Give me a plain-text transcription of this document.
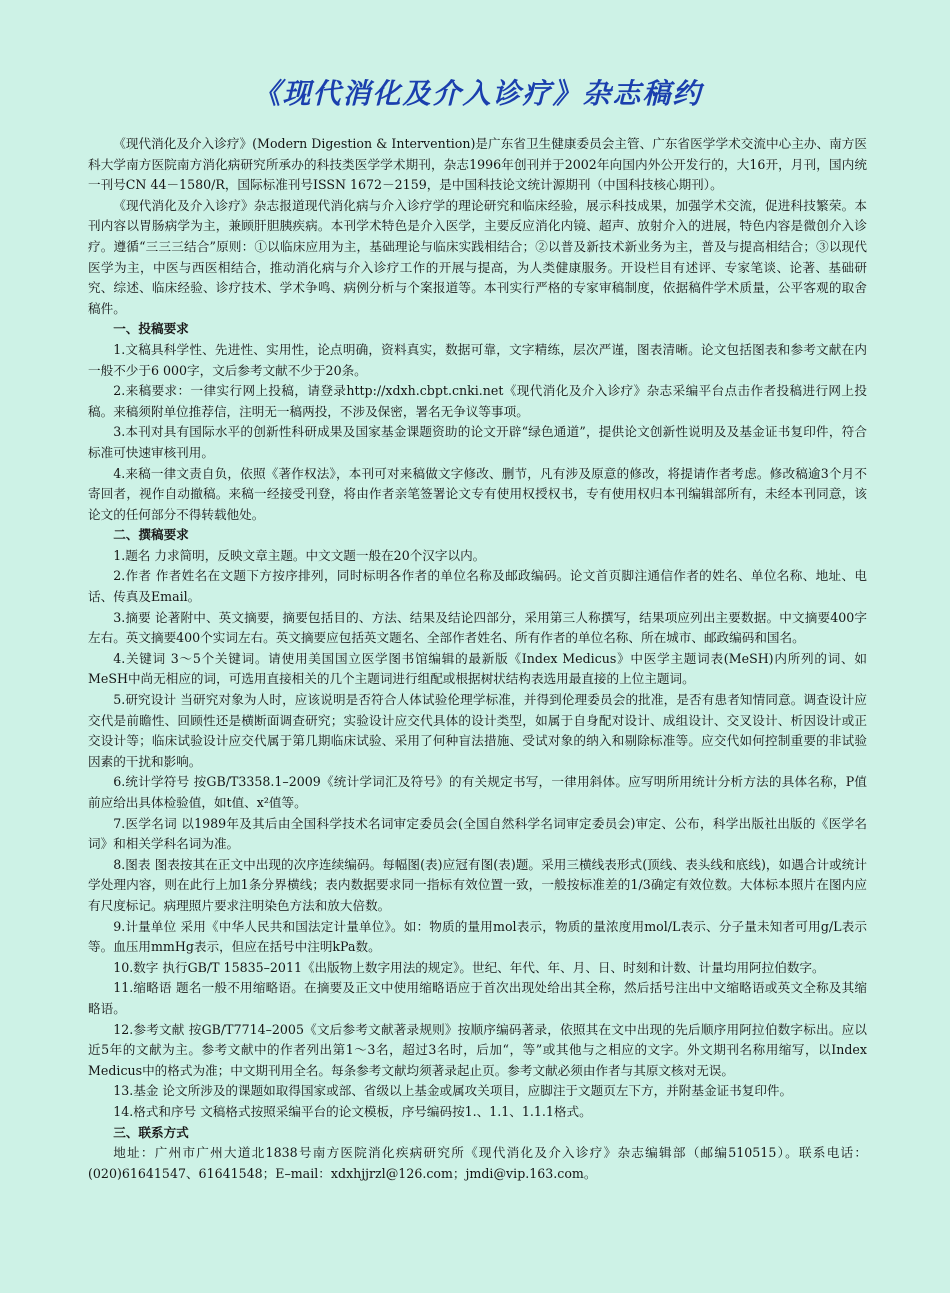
《现代消化及介入诊疗》杂志稿约

《现代消化及介入诊疗》(Modern Digestion & Intervention)是广东省卫生健康委员会主管、广东省医学学术交流中心主办、南方医科大学南方医院南方消化病研究所承办的科技类医学学术期刊，杂志1996年创刊并于2002年向国内外公开发行的，大16开，月刊，国内统一刊号CN 44－1580/R，国际标准刊号ISSN 1672－2159，是中国科技论文统计源期刊（中国科技核心期刊）。

《现代消化及介入诊疗》杂志报道现代消化病与介入诊疗学的理论研究和临床经验，展示科技成果，加强学术交流，促进科技繁荣。本刊内容以胃肠病学为主，兼顾肝胆胰疾病。本刊学术特色是介入医学，主要反应消化内镜、超声、放射介入的进展，特色内容是微创介入诊疗。遵循“三三三结合”原则：①以临床应用为主，基础理论与临床实践相结合；②以普及新技术新业务为主，普及与提高相结合；③以现代医学为主，中医与西医相结合，推动消化病与介入诊疗工作的开展与提高，为人类健康服务。开设栏目有述评、专家笔谈、论著、基础研究、综述、临床经验、诊疗技术、学术争鸣、病例分析与个案报道等。本刊实行严格的专家审稿制度，依据稿件学术质量，公平客观的取舍稿件。

一、投稿要求

1.文稿具科学性、先进性、实用性，论点明确，资料真实，数据可靠，文字精练，层次严谨，图表清晰。论文包括图表和参考文献在内一般不少于6 000字，文后参考文献不少于20条。

2.来稿要求：一律实行网上投稿，请登录http://xdxh.cbpt.cnki.net《现代消化及介入诊疗》杂志采编平台点击作者投稿进行网上投稿。来稿须附单位推荐信，注明无一稿两投，不涉及保密，署名无争议等事项。

3.本刊对具有国际水平的创新性科研成果及国家基金课题资助的论文开辟“绿色通道”，提供论文创新性说明及及基金证书复印件，符合标准可快速审核刊用。

4.来稿一律文责自负，依照《著作权法》，本刊可对来稿做文字修改、删节，凡有涉及原意的修改，将提请作者考虑。修改稿逾3个月不寄回者，视作自动撤稿。来稿一经接受刊登，将由作者亲笔签署论文专有使用权授权书，专有使用权归本刊编辑部所有，未经本刊同意，该论文的任何部分不得转载他处。

二、撰稿要求

1.题名 力求简明，反映文章主题。中文文题一般在20个汉字以内。

2.作者 作者姓名在文题下方按序排列，同时标明各作者的单位名称及邮政编码。论文首页脚注通信作者的姓名、单位名称、地址、电话、传真及Email。

3.摘要 论著附中、英文摘要，摘要包括目的、方法、结果及结论四部分，采用第三人称撰写，结果项应列出主要数据。中文摘要400字左右。英文摘要400个实词左右。英文摘要应包括英文题名、全部作者姓名、所有作者的单位名称、所在城市、邮政编码和国名。

4.关键词 3～5个关键词。请使用美国国立医学图书馆编辑的最新版《Index Medicus》中医学主题词表(MeSH)内所列的词、如MeSH中尚无相应的词，可选用直接相关的几个主题词进行组配或根据树状结构表选用最直接的上位主题词。

5.研究设计 当研究对象为人时，应该说明是否符合人体试验伦理学标准，并得到伦理委员会的批准，是否有患者知情同意。调查设计应交代是前瞻性、回顾性还是横断面调查研究；实验设计应交代具体的设计类型，如属于自身配对设计、成组设计、交叉设计、析因设计或正交设计等；临床试验设计应交代属于第几期临床试验、采用了何种盲法措施、受试对象的纳入和剔除标准等。应交代如何控制重要的非试验因素的干扰和影响。

6.统计学符号 按GB/T3358.1–2009《统计学词汇及符号》的有关规定书写，一律用斜体。应写明所用统计分析方法的具体名称，P值前应给出具体检验值，如t值、x²值等。

7.医学名词 以1989年及其后由全国科学技术名词审定委员会(全国自然科学名词审定委员会)审定、公布，科学出版社出版的《医学名词》和相关学科名词为准。

8.图表 图表按其在正文中出现的次序连续编码。每幅图(表)应冠有图(表)题。采用三横线表形式(顶线、表头线和底线)，如遇合计或统计学处理内容，则在此行上加1条分界横线；表内数据要求同一指标有效位置一致，一般按标准差的1/3确定有效位数。大体标本照片在图内应有尺度标记。病理照片要求注明染色方法和放大倍数。

9.计量单位 采用《中华人民共和国法定计量单位》。如：物质的量用mol表示，物质的量浓度用mol/L表示、分子量未知者可用g/L表示等。血压用mmHg表示，但应在括号中注明kPa数。

10.数字 执行GB/T 15835–2011《出版物上数字用法的规定》。世纪、年代、年、月、日、时刻和计数、计量均用阿拉伯数字。

11.缩略语 题名一般不用缩略语。在摘要及正文中使用缩略语应于首次出现处给出其全称，然后括号注出中文缩略语或英文全称及其缩略语。

12.参考文献 按GB/T7714–2005《文后参考文献著录规则》按顺序编码著录，依照其在文中出现的先后顺序用阿拉伯数字标出。应以近5年的文献为主。参考文献中的作者列出第1～3名，超过3名时，后加“，等”或其他与之相应的文字。外文期刊名称用缩写，以Index Medicus中的格式为准；中文期刊用全名。每条参考文献均须著录起止页。参考文献必须由作者与其原文核对无误。

13.基金 论文所涉及的课题如取得国家或部、省级以上基金或属攻关项目，应脚注于文题页左下方，并附基金证书复印件。

14.格式和序号 文稿格式按照采编平台的论文模板，序号编码按1.、1.1、1.1.1格式。

三、联系方式

地址：广州市广州大道北1838号南方医院消化疾病研究所《现代消化及介入诊疗》杂志编辑部（邮编510515）。联系电话：(020)61641547、61641548；E–mail：xdxhjjrzl@126.com；jmdi@vip.163.com。
